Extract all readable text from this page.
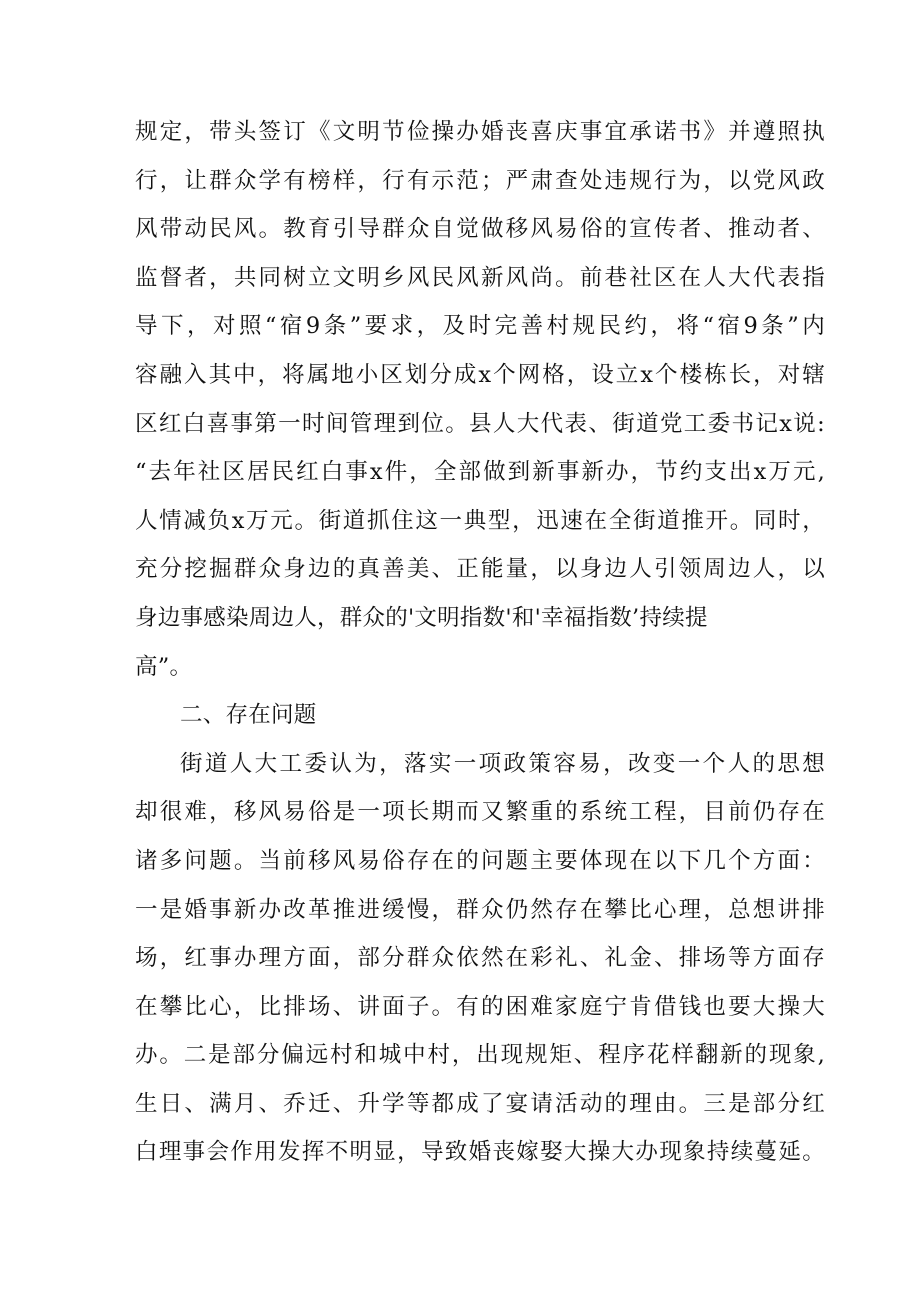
规定，带头签订《文明节俭操办婚丧喜庆事宜承诺书》并遵照执
行，让群众学有榜样，行有示范；严肃查处违规行为，以党风政
风带动民风。教育引导群众自觉做移风易俗的宣传者、推动者、
监督者，共同树立文明乡风民风新风尚。前巷社区在人大代表指
导下，对照“宿9条”要求，及时完善村规民约，将“宿9条”内
容融入其中，将属地小区划分成x个网格，设立x个楼栋长，对辖
区红白喜事第一时间管理到位。县人大代表、街道党工委书记x说:
“去年社区居民红白事x件，全部做到新事新办，节约支出x万元,
人情减负x万元。街道抓住这一典型，迅速在全街道推开。同时，
充分挖掘群众身边的真善美、正能量，以身边人引领周边人，以
身边事感染周边人，群众的'文明指数'和'幸福指数’持续提
高”。
二、存在问题
街道人大工委认为，落实一项政策容易，改变一个人的思想
却很难，移风易俗是一项长期而又繁重的系统工程，目前仍存在
诸多问题。当前移风易俗存在的问题主要体现在以下几个方面：
一是婚事新办改革推进缓慢，群众仍然存在攀比心理，总想讲排
场，红事办理方面，部分群众依然在彩礼、礼金、排场等方面存
在攀比心，比排场、讲面子。有的困难家庭宁肯借钱也要大操大
办。二是部分偏远村和城中村，出现规矩、程序花样翻新的现象,
生日、满月、乔迁、升学等都成了宴请活动的理由。三是部分红
白理事会作用发挥不明显，导致婚丧嫁娶大操大办现象持续蔓延。
